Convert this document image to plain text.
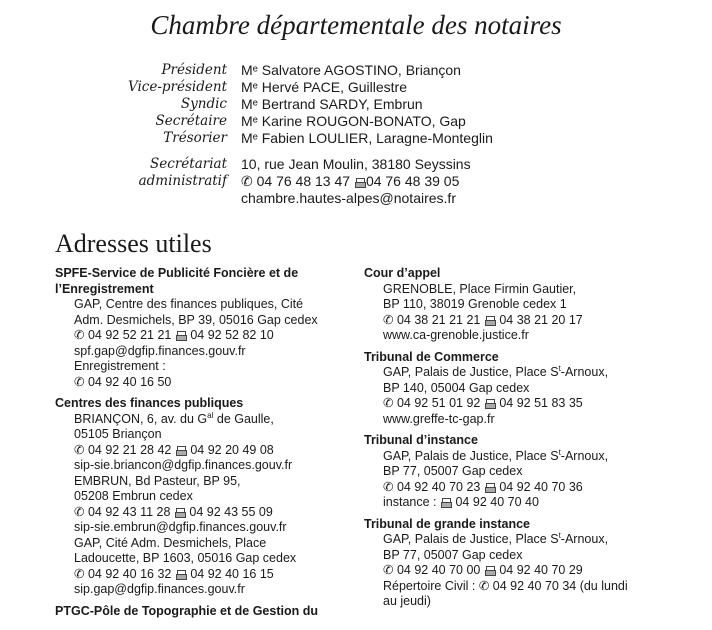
Chambre départementale des notaires
Président Mᵉ Salvatore AGOSTINO, Briançon
Vice-président Mᵉ Hervé PACE, Guillestre
Syndic Mᵉ Bertrand SARDY, Embrun
Secrétaire Mᵉ Karine ROUGON-BONATO, Gap
Trésorier Mᵉ Fabien LOULIER, Laragne-Monteglin
Secrétariat
administratif
10, rue Jean Moulin, 38180 Seyssins
✆ 04 76 48 13 47 04 76 48 39 05
chambre.hautes-alpes@notaires.fr
Adresses utiles
SPFE-Service de Publicité Foncière et de
l’Enregistrement
GAP, Centre des finances publiques, Cité
Adm. Desmichels, BP 39, 05016 Gap cedex
✆ 04 92 52 21 21 04 92 52 82 10
spf.gap@dgfip.finances.gouv.fr
Enregistrement :
✆ 04 92 40 16 50
Centres des finances publiques
BRIANÇON, 6, av. du $G^{al}$ de Gaulle,
05105 Briançon
✆ 04 92 21 28 42 04 92 20 49 08
sip-sie.briancon@dgfip.finances.gouv.fr
EMBRUN, Bd Pasteur, BP 95,
05208 Embrun cedex
✆ 04 92 43 11 28 04 92 43 55 09
sip-sie.embrun@dgfip.finances.gouv.fr
GAP, Cité Adm. Desmichels, Place
Ladoucette, BP 1603, 05016 Gap cedex
✆ 04 92 40 16 32 04 92 40 16 15
sip.gap@dgfip.finances.gouv.fr
PTGC-Pôle de Topographie et de Gestion du
Cour d’appel
GRENOBLE, Place Firmin Gautier,
BP 110, 38019 Grenoble cedex 1
✆ 04 38 21 21 21 04 38 21 20 17
www.ca-grenoble.justice.fr
Tribunal de Commerce
GAP, Palais de Justice, Place $S^t$-Arnoux,
BP 140, 05004 Gap cedex
✆ 04 92 51 01 92 04 92 51 83 35
www.greffe-tc-gap.fr
Tribunal d’instance
GAP, Palais de Justice, Place $S^t$-Arnoux,
BP 77, 05007 Gap cedex
✆ 04 92 40 70 23 04 92 40 70 36
instance : 04 92 40 70 40
Tribunal de grande instance
GAP, Palais de Justice, Place $S^t$-Arnoux,
BP 77, 05007 Gap cedex
✆ 04 92 40 70 00 04 92 40 70 29
Répertoire Civil : ✆ 04 92 40 70 34 (du lundi
au jeudi)
